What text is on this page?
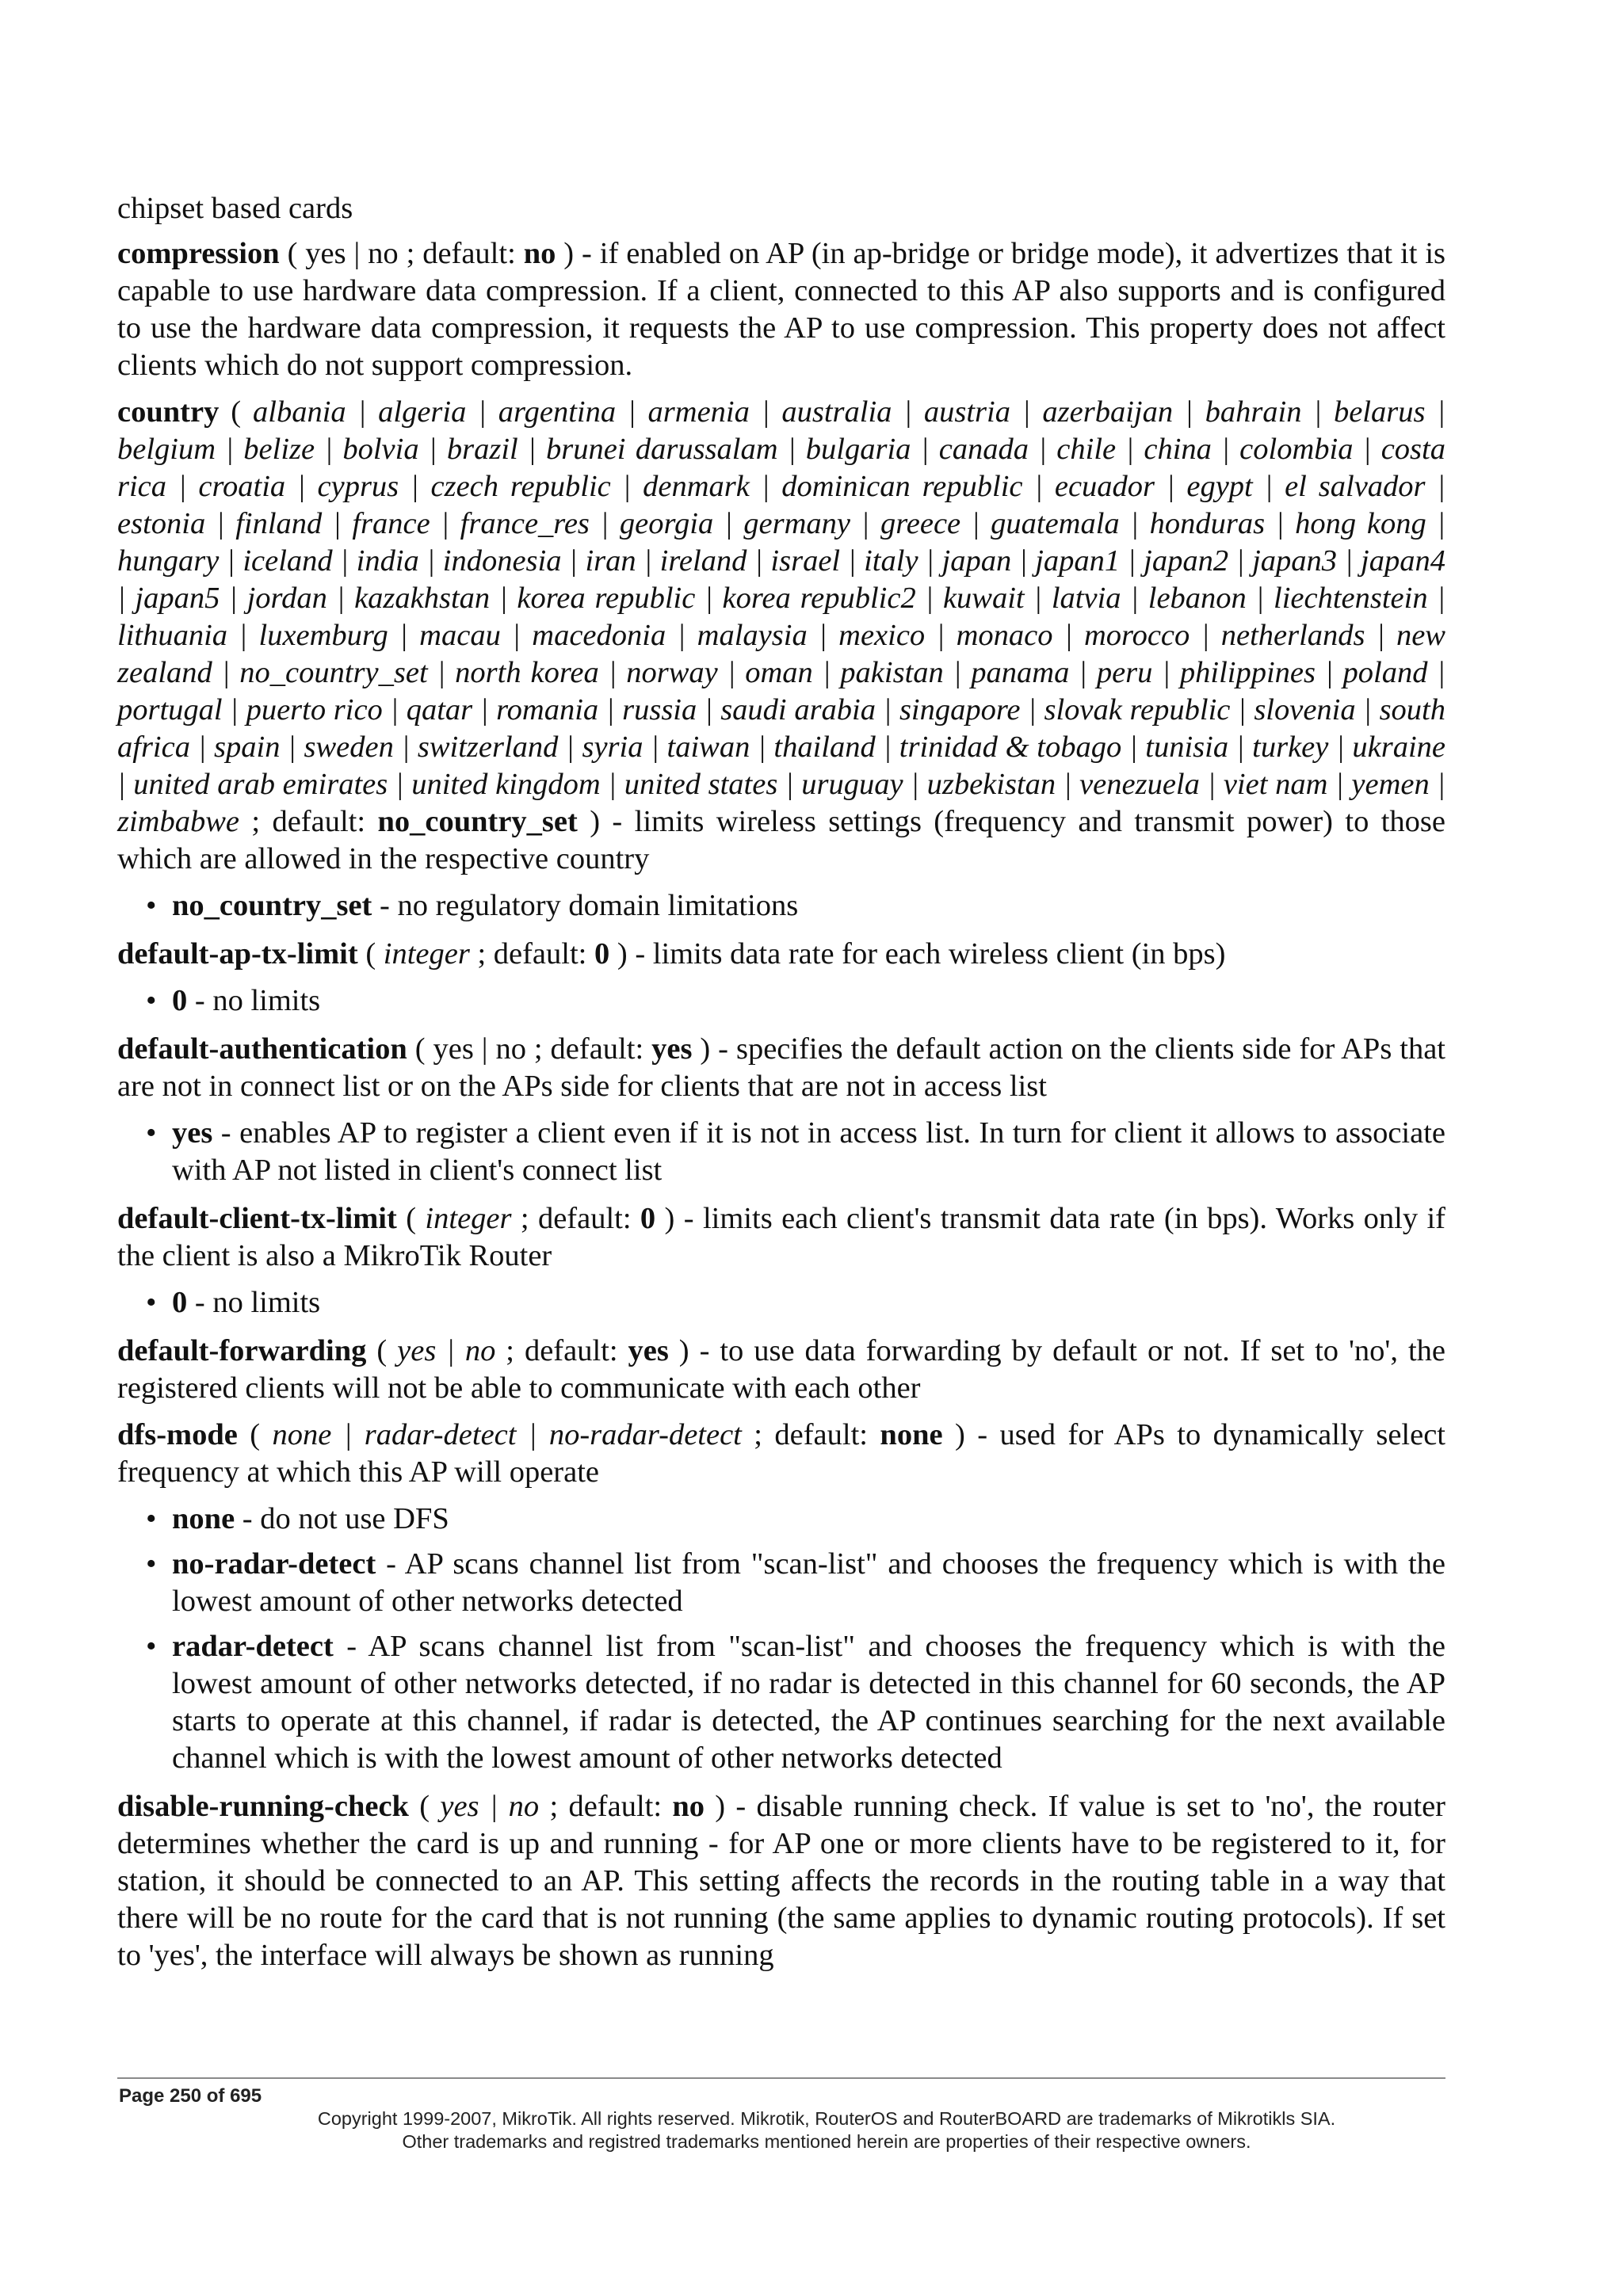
chipset based cards

compression ( yes | no ; default: no ) - if enabled on AP (in ap-bridge or bridge mode), it advertizes that it is capable to use hardware data compression. If a client, connected to this AP also supports and is configured to use the hardware data compression, it requests the AP to use compression. This property does not affect clients which do not support compression.

country ( albania | algeria | argentina | armenia | australia | austria | azerbaijan | bahrain | belarus | belgium | belize | bolvia | brazil | brunei darussalam | bulgaria | canada | chile | china | colombia | costa rica | croatia | cyprus | czech republic | denmark | dominican republic | ecuador | egypt | el salvador | estonia | finland | france | france_res | georgia | germany | greece | guatemala | honduras | hong kong | hungary | iceland | india | indonesia | iran | ireland | israel | italy | japan | japan1 | japan2 | japan3 | japan4 | japan5 | jordan | kazakhstan | korea republic | korea republic2 | kuwait | latvia | lebanon | liechtenstein | lithuania | luxemburg | macau | macedonia | malaysia | mexico | monaco | morocco | netherlands | new zealand | no_country_set | north korea | norway | oman | pakistan | panama | peru | philippines | poland | portugal | puerto rico | qatar | romania | russia | saudi arabia | singapore | slovak republic | slovenia | south africa | spain | sweden | switzerland | syria | taiwan | thailand | trinidad & tobago | tunisia | turkey | ukraine | united arab emirates | united kingdom | united states | uruguay | uzbekistan | venezuela | viet nam | yemen | zimbabwe ; default: no_country_set ) - limits wireless settings (frequency and transmit power) to those which are allowed in the respective country

• no_country_set - no regulatory domain limitations

default-ap-tx-limit ( integer ; default: 0 ) - limits data rate for each wireless client (in bps)

• 0 - no limits

default-authentication ( yes | no ; default: yes ) - specifies the default action on the clients side for APs that are not in connect list or on the APs side for clients that are not in access list

• yes - enables AP to register a client even if it is not in access list. In turn for client it allows to associate with AP not listed in client's connect list

default-client-tx-limit ( integer ; default: 0 ) - limits each client's transmit data rate (in bps). Works only if the client is also a MikroTik Router

• 0 - no limits

default-forwarding ( yes | no ; default: yes ) - to use data forwarding by default or not. If set to 'no', the registered clients will not be able to communicate with each other

dfs-mode ( none | radar-detect | no-radar-detect ; default: none ) - used for APs to dynamically select frequency at which this AP will operate

• none - do not use DFS
• no-radar-detect - AP scans channel list from "scan-list" and chooses the frequency which is with the lowest amount of other networks detected
• radar-detect - AP scans channel list from "scan-list" and chooses the frequency which is with the lowest amount of other networks detected, if no radar is detected in this channel for 60 seconds, the AP starts to operate at this channel, if radar is detected, the AP continues searching for the next available channel which is with the lowest amount of other networks detected

disable-running-check ( yes | no ; default: no ) - disable running check. If value is set to 'no', the router determines whether the card is up and running - for AP one or more clients have to be registered to it, for station, it should be connected to an AP. This setting affects the records in the routing table in a way that there will be no route for the card that is not running (the same applies to dynamic routing protocols). If set to 'yes', the interface will always be shown as running

Page 250 of 695
Copyright 1999-2007, MikroTik. All rights reserved. Mikrotik, RouterOS and RouterBOARD are trademarks of Mikrotikls SIA.
Other trademarks and registred trademarks mentioned herein are properties of their respective owners.
